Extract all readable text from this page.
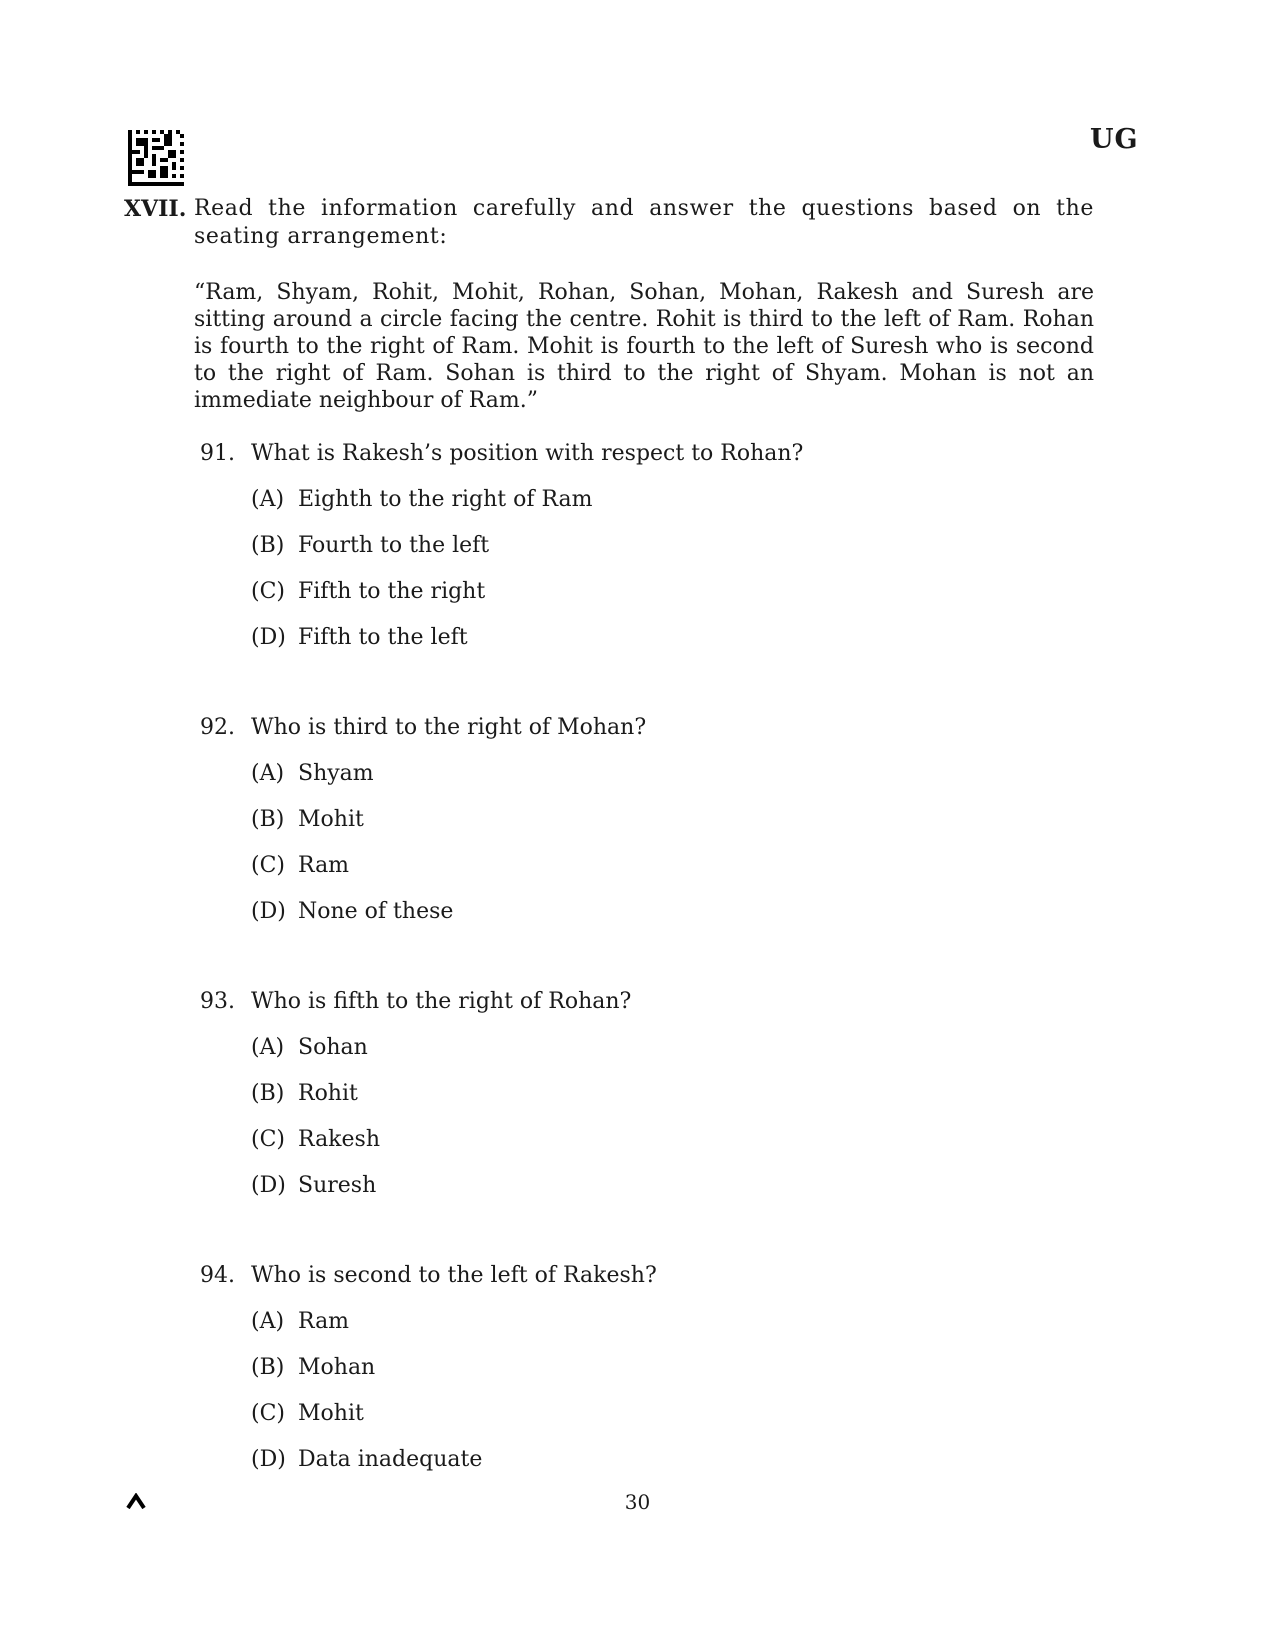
UG
XVII. Read the information carefully and answer the questions based on the seating arrangement:
“Ram, Shyam, Rohit, Mohit, Rohan, Sohan, Mohan, Rakesh and Suresh are sitting around a circle facing the centre. Rohit is third to the left of Ram. Rohan is fourth to the right of Ram. Mohit is fourth to the left of Suresh who is second to the right of Ram. Sohan is third to the right of Shyam. Mohan is not an immediate neighbour of Ram.”
91. What is Rakesh’s position with respect to Rohan?
(A) Eighth to the right of Ram
(B) Fourth to the left
(C) Fifth to the right
(D) Fifth to the left
92. Who is third to the right of Mohan?
(A) Shyam
(B) Mohit
(C) Ram
(D) None of these
93. Who is fifth to the right of Rohan?
(A) Sohan
(B) Rohit
(C) Rakesh
(D) Suresh
94. Who is second to the left of Rakesh?
(A) Ram
(B) Mohan
(C) Mohit
(D) Data inadequate
30
